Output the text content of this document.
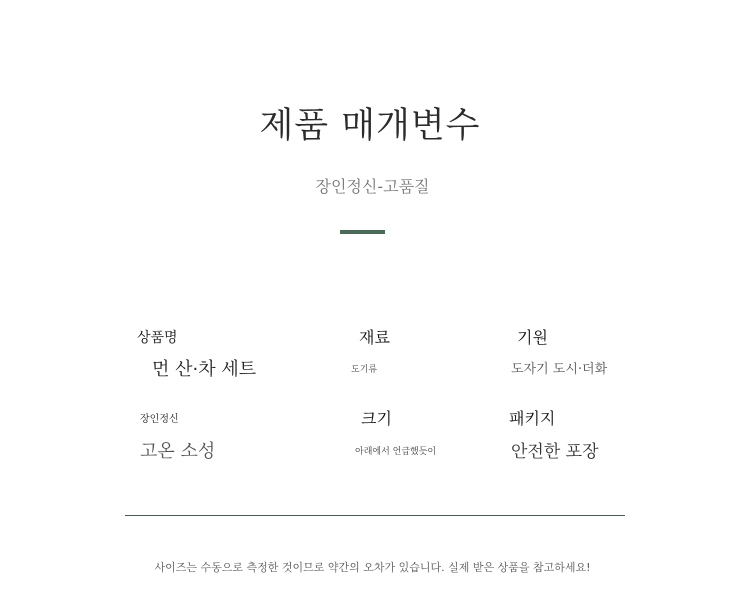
제품 매개변수
장인정신-고품질
상품명	재료	기원
먼 산·차 세트	도기류	도자기 도시·더화
장인정신	크기	패키지
고온 소성	아래에서 언급했듯이	안전한 포장
사이즈는 수동으로 측정한 것이므로 약간의 오차가 있습니다. 실제 받은 상품을 참고하세요!
